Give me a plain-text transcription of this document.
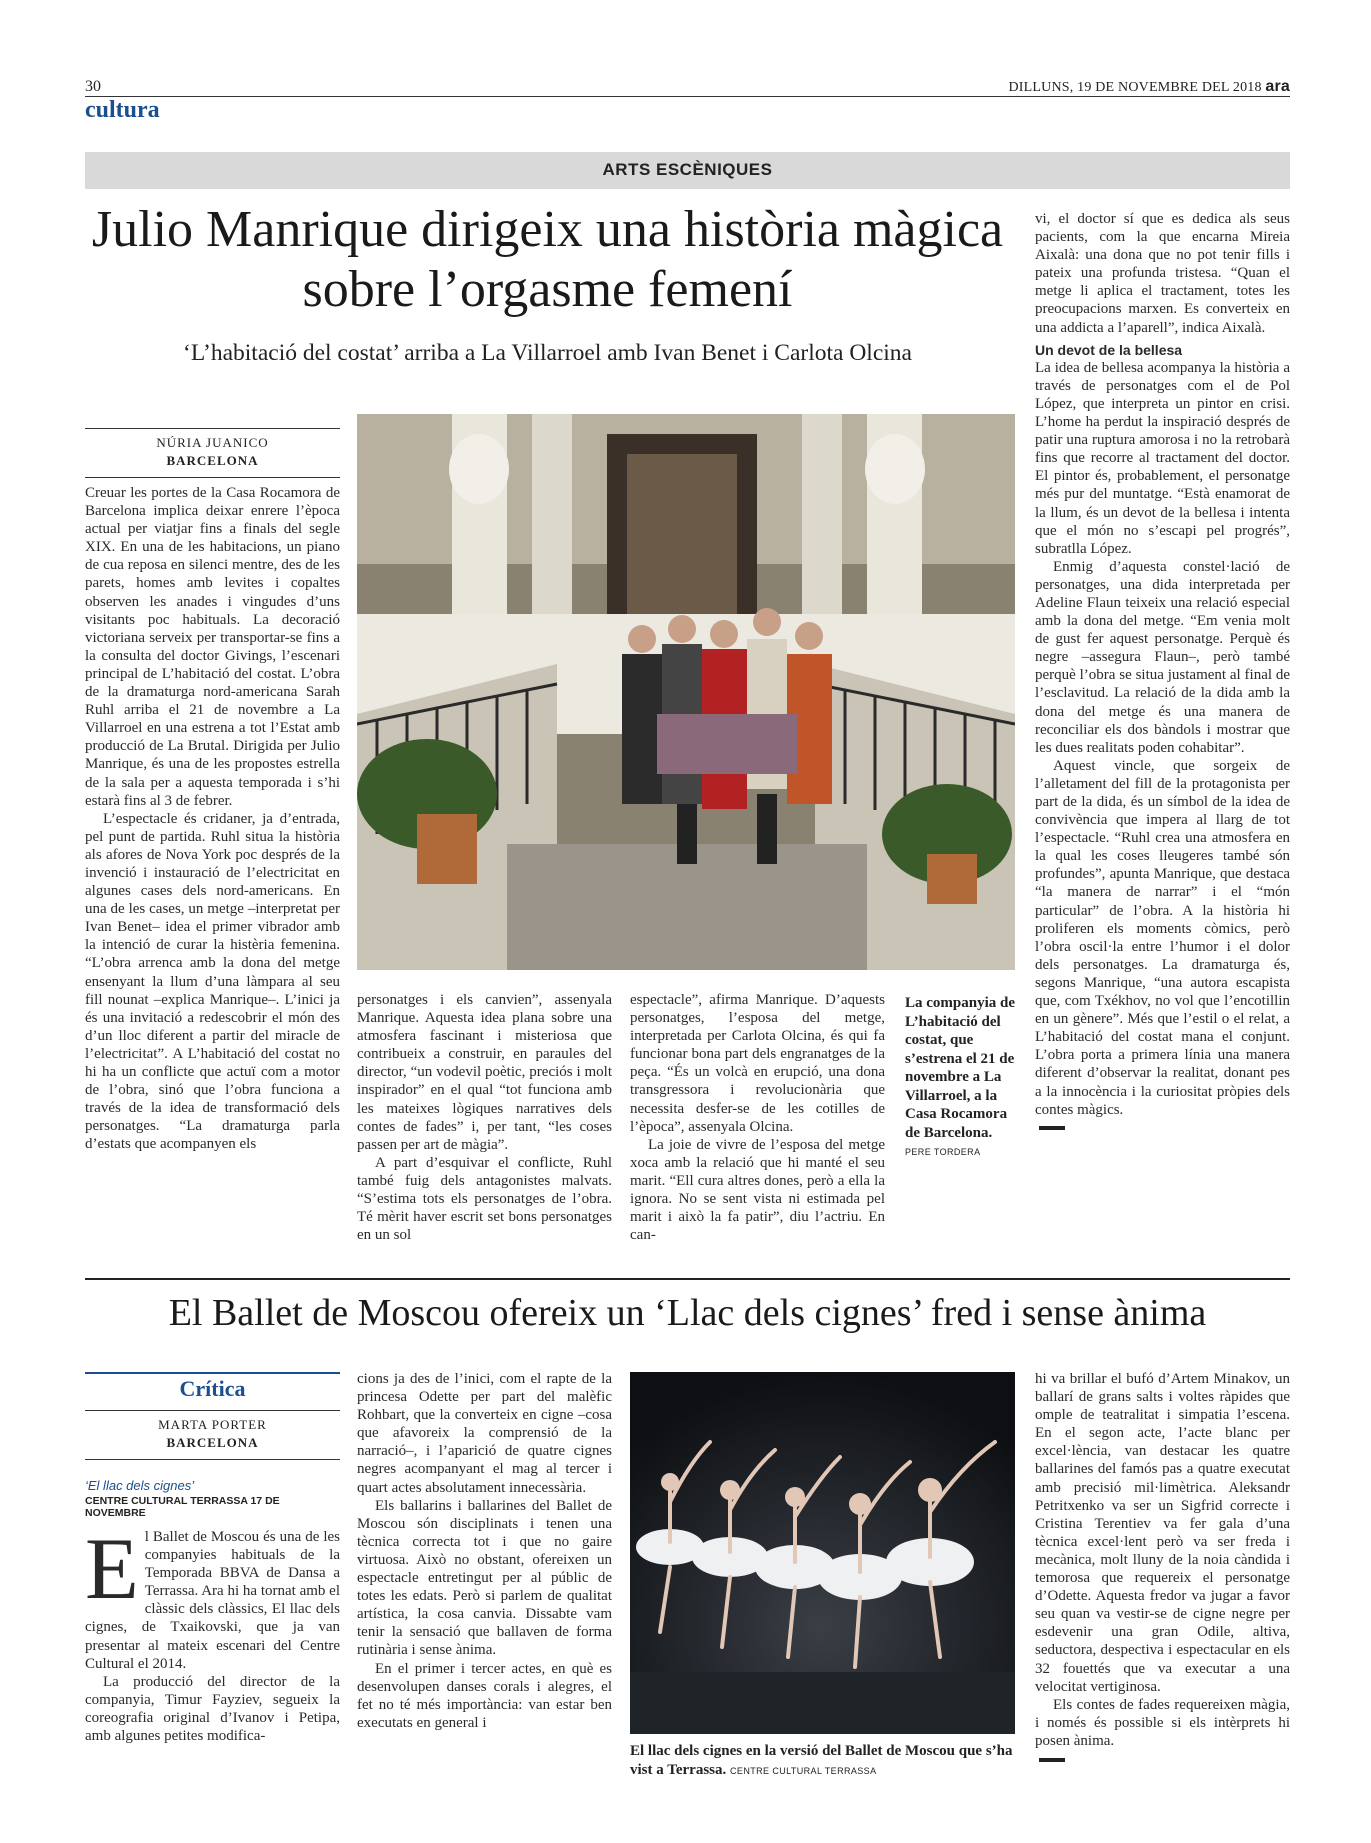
30
cultura
DILLUNS, 19 DE NOVEMBRE DEL 2018 ara
ARTS ESCÈNIQUES
Julio Manrique dirigeix una història màgica sobre l’orgasme femení
‘L’habitació del costat’ arriba a La Villarroel amb Ivan Benet i Carlota Olcina
NÚRIA JUANICO
BARCELONA
La companyia de L’habitació del costat, que s’estrena el 21 de novembre a La Villarroel, a la Casa Rocamora de Barcelona. PERE TORDERA

Creuar les portes de la Casa Rocamora de Barcelona implica deixar enrere l’època actual per viatjar fins a finals del segle XIX. En una de les habitacions, un piano de cua reposa en silenci mentre, des de les parets, homes amb levites i copaltes observen les anades i vingudes d’uns visitants poc habituals. La decoració victoriana serveix per transportar-se fins a la consulta del doctor Givings, l’escenari principal de L’habitació del costat. L’obra de la dramaturga nord-americana Sarah Ruhl arriba el 21 de novembre a La Villarroel en una estrena a tot l’Estat amb producció de La Brutal. Dirigida per Julio Manrique, és una de les propostes estrella de la sala per a aquesta temporada i s’hi estarà fins al 3 de febrer.

L’espectacle és cridaner, ja d’entrada, pel punt de partida. Ruhl situa la història als afores de Nova York poc després de la invenció i instauració de l’electricitat en algunes cases dels nord-americans. En una de les cases, un metge –interpretat per Ivan Benet– idea el primer vibrador amb la intenció de curar la histèria femenina. “L’obra arrenca amb la dona del metge ensenyant la llum d’una làmpara al seu fill nounat –explica Manrique–. L’inici ja és una invitació a redescobrir el món des d’un lloc diferent a partir del miracle de l’electricitat”. A L’habitació del costat no hi ha un conflicte que actuï com a motor de l’obra, sinó que l’obra funciona a través de la idea de transformació dels personatges. “La dramaturga parla d’estats que acompanyen els

personatges i els canvien”, assenyala Manrique. Aquesta idea plana sobre una atmosfera fascinant i misteriosa que contribueix a construir, en paraules del director, “un vodevil poètic, preciós i molt inspirador” en el qual “tot funciona amb les mateixes lògiques narratives dels contes de fades” i, per tant, “les coses passen per art de màgia”.

A part d’esquivar el conflicte, Ruhl també fuig dels antagonistes malvats. “S’estima tots els personatges de l’obra. Té mèrit haver escrit set bons personatges en un sol

espectacle”, afirma Manrique. D’aquests personatges, l’esposa del metge, interpretada per Carlota Olcina, és qui fa funcionar bona part dels engranatges de la peça. “És un volcà en erupció, una dona transgressora i revolucionària que necessita desfer-se de les cotilles de l’època”, assenyala Olcina.

La joie de vivre de l’esposa del metge xoca amb la relació que hi manté el seu marit. “Ell cura altres dones, però a ella la ignora. No se sent vista ni estimada pel marit i això la fa patir”, diu l’actriu. En can-

vi, el doctor sí que es dedica als seus pacients, com la que encarna Mireia Aixalà: una dona que no pot tenir fills i pateix una profunda tristesa. “Quan el metge li aplica el tractament, totes les preocupacions marxen. Es converteix en una addicta a l’aparell”, indica Aixalà.

Un devot de la bellesa

La idea de bellesa acompanya la història a través de personatges com el de Pol López, que interpreta un pintor en crisi. L’home ha perdut la inspiració després de patir una ruptura amorosa i no la retrobarà fins que recorre al tractament del doctor. El pintor és, probablement, el personatge més pur del muntatge. “Està enamorat de la llum, és un devot de la bellesa i intenta que el món no s’escapi pel progrés”, subratlla López.

Enmig d’aquesta constel·lació de personatges, una dida interpretada per Adeline Flaun teixeix una relació especial amb la dona del metge. “Em venia molt de gust fer aquest personatge. Perquè és negre –assegura Flaun–, però també perquè l’obra se situa justament al final de l’esclavitud. La relació de la dida amb la dona del metge és una manera de reconciliar els dos bàndols i mostrar que les dues realitats poden cohabitar”.

Aquest vincle, que sorgeix de l’alletament del fill de la protagonista per part de la dida, és un símbol de la idea de convivència que impera al llarg de tot l’espectacle. “Ruhl crea una atmosfera en la qual les coses lleugeres també són profundes”, apunta Manrique, que destaca “la manera de narrar” i el “món particular” de l’obra. A la història hi proliferen els moments còmics, però l’obra oscil·la entre l’humor i el dolor dels personatges. La dramaturga és, segons Manrique, “una autora escapista que, com Txékhov, no vol que l’encotillin en un gènere”. Més que l’estil o el relat, a L’habitació del costat mana el conjunt. L’obra porta a primera línia una manera diferent d’observar la realitat, donant pes a la innocència i la curiositat pròpies dels contes màgics.

El Ballet de Moscou ofereix un ‘Llac dels cignes’ fred i sense ànima
Crítica
MARTA PORTER
BARCELONA
‘El llac dels cignes’
CENTRE CULTURAL TERRASSA 17 DE NOVEMBRE

El Ballet de Moscou és una de les companyies habituals de la Temporada BBVA de Dansa a Terrassa. Ara hi ha tornat amb el clàssic dels clàssics, El llac dels cignes, de Txaikovski, que ja van presentar al mateix escenari del Centre Cultural el 2014.

La producció del director de la companyia, Timur Fayziev, segueix la coreografia original d’Ivanov i Petipa, amb algunes petites modifica-

cions ja des de l’inici, com el rapte de la princesa Odette per part del malèfic Rohbart, que la converteix en cigne –cosa que afavoreix la comprensió de la narració–, i l’aparició de quatre cignes negres acompanyant el mag al tercer i quart actes absolutament innecessària.

Els ballarins i ballarines del Ballet de Moscou són disciplinats i tenen una tècnica correcta tot i que no gaire virtuosa. Això no obstant, ofereixen un espectacle entretingut per al públic de totes les edats. Però si parlem de qualitat artística, la cosa canvia. Dissabte vam tenir la sensació que ballaven de forma rutinària i sense ànima.

En el primer i tercer actes, en què es desenvolupen danses corals i alegres, el fet no té més importància: van estar ben executats en general i

El llac dels cignes en la versió del Ballet de Moscou que s’ha vist a Terrassa. CENTRE CULTURAL TERRASSA

hi va brillar el bufó d’Artem Minakov, un ballarí de grans salts i voltes ràpides que omple de teatralitat i simpatia l’escena. En el segon acte, l’acte blanc per excel·lència, van destacar les quatre ballarines del famós pas a quatre executat amb precisió mil·limètrica. Aleksandr Petritxenko va ser un Sigfrid correcte i Cristina Terentiev va fer gala d’una tècnica excel·lent però va ser freda i mecànica, molt lluny de la noia càndida i temorosa que requereix el personatge d’Odette. Aquesta fredor va jugar a favor seu quan va vestir-se de cigne negre per esdevenir una gran Odile, altiva, seductora, despectiva i espectacular en els 32 fouettés que va executar a una velocitat vertiginosa.

Els contes de fades requereixen màgia, i només és possible si els intèrprets hi posen ànima.
